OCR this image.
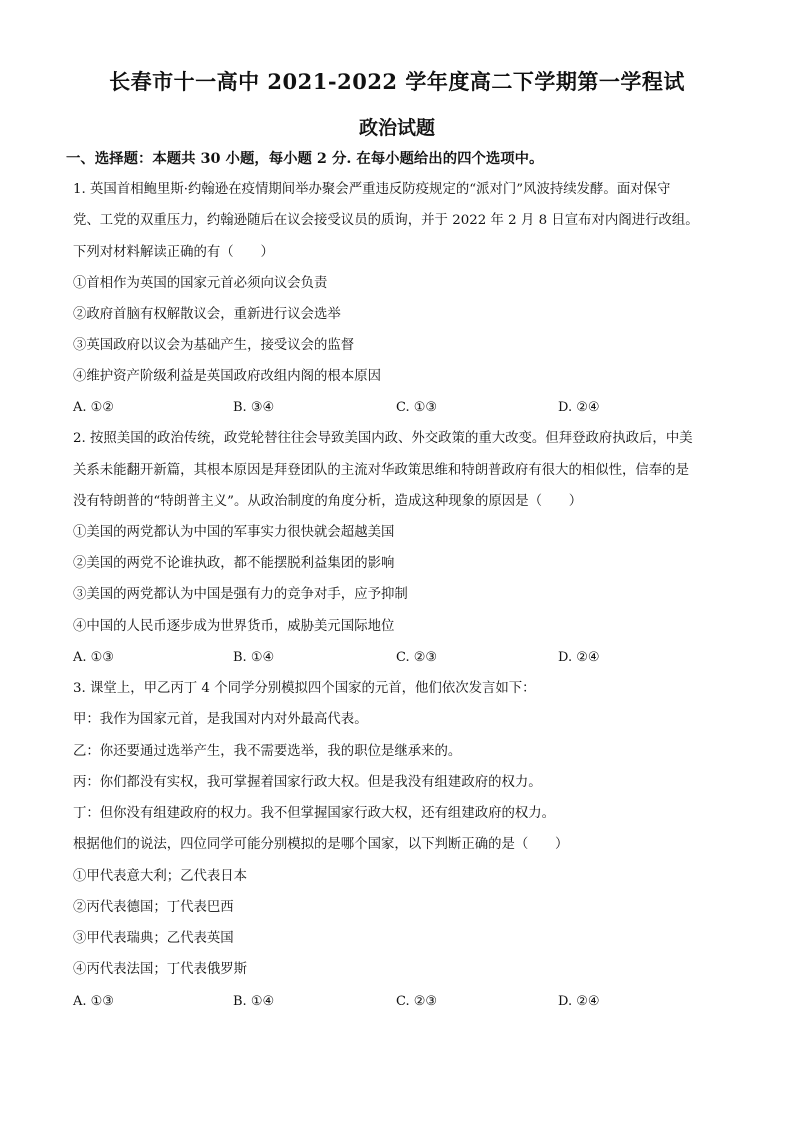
长春市十一高中 2021-2022 学年度高二下学期第一学程试
政治试题
一、选择题：本题共 30 小题，每小题 2 分. 在每小题给出的四个选项中。
1. 英国首相鲍里斯·约翰逊在疫情期间举办聚会严重违反防疫规定的“派对门”风波持续发酵。面对保守
党、工党的双重压力，约翰逊随后在议会接受议员的质询，并于 2022 年 2 月 8 日宣布对内阁进行改组。
下列对材料解读正确的有（　　）
①首相作为英国的国家元首必须向议会负责
②政府首脑有权解散议会，重新进行议会选举
③英国政府以议会为基础产生，接受议会的监督
④维护资产阶级利益是英国政府改组内阁的根本原因
A. ①②	B. ③④	C. ①③	D. ②④
2. 按照美国的政治传统，政党轮替往往会导致美国内政、外交政策的重大改变。但拜登政府执政后，中美
关系未能翻开新篇，其根本原因是拜登团队的主流对华政策思维和特朗普政府有很大的相似性，信奉的是
没有特朗普的“特朗普主义”。从政治制度的角度分析，造成这种现象的原因是（　　）
①美国的两党都认为中国的军事实力很快就会超越美国
②美国的两党不论谁执政，都不能摆脱利益集团的影响
③美国的两党都认为中国是强有力的竞争对手，应予抑制
④中国的人民币逐步成为世界货币，威胁美元国际地位
A. ①③	B. ①④	C. ②③	D. ②④
3. 课堂上，甲乙丙丁 4 个同学分别模拟四个国家的元首，他们依次发言如下：
甲：我作为国家元首，是我国对内对外最高代表。
乙：你还要通过选举产生，我不需要选举，我的职位是继承来的。
丙：你们都没有实权，我可掌握着国家行政大权。但是我没有组建政府的权力。
丁：但你没有组建政府的权力。我不但掌握国家行政大权，还有组建政府的权力。
根据他们的说法，四位同学可能分别模拟的是哪个国家，以下判断正确的是（　　）
①甲代表意大利；乙代表日本
②丙代表德国；丁代表巴西
③甲代表瑞典；乙代表英国
④丙代表法国；丁代表俄罗斯
A. ①③	B. ①④	C. ②③	D. ②④
